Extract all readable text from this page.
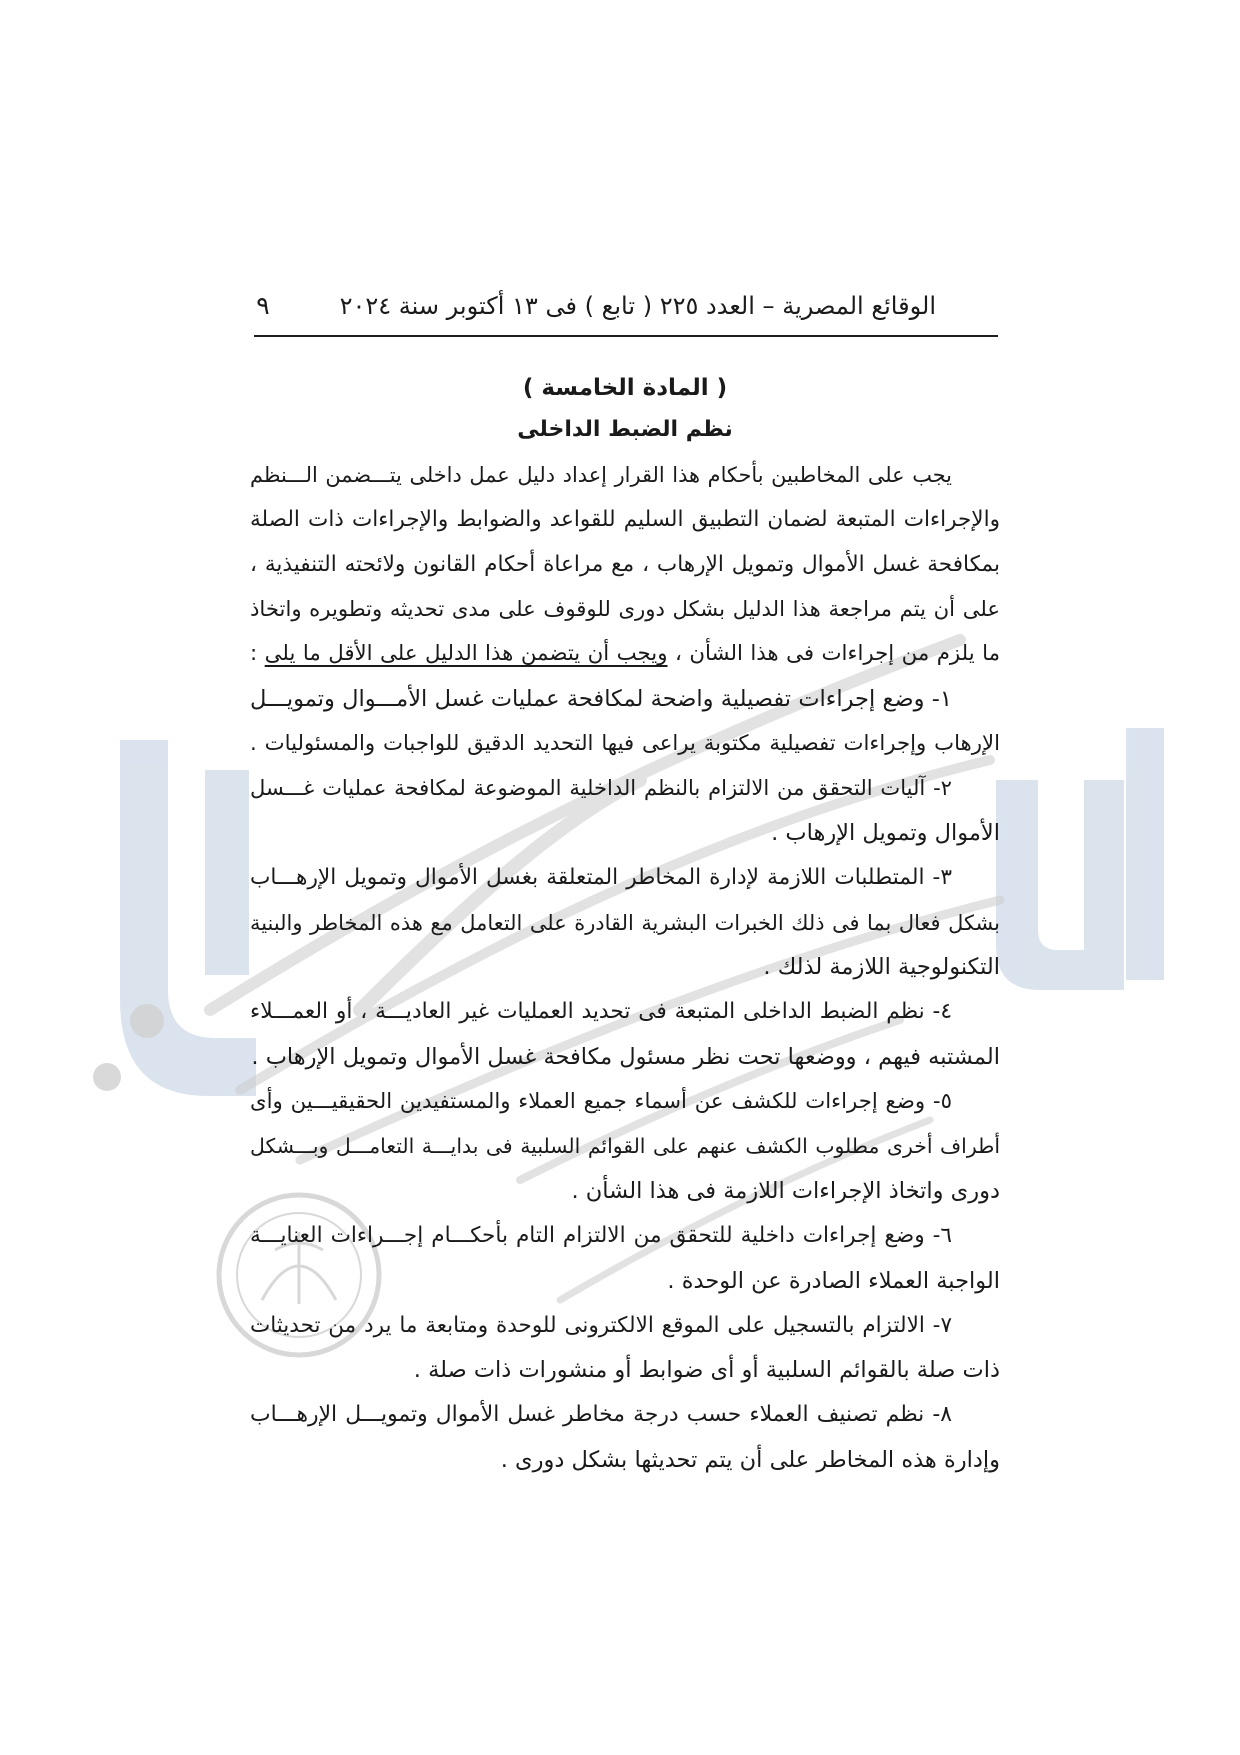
الوقائع المصرية – العدد ٢٢٥ ( تابع ) فى ١٣ أكتوبر سنة ٢٠٢٤
٩
( المادة الخامسة )
نظم الضبط الداخلى
يجب على المخاطبين بأحكام هذا القرار إعداد دليل عمل داخلى يتـــضمن الـــنظم
والإجراءات المتبعة لضمان التطبيق السليم للقواعد والضوابط والإجراءات ذات الصلة
بمكافحة غسل الأموال وتمويل الإرهاب ، مع مراعاة أحكام القانون ولائحته التنفيذية ،
على أن يتم مراجعة هذا الدليل بشكل دورى للوقوف على مدى تحديثه وتطويره واتخاذ
ما يلزم من إجراءات فى هذا الشأن ، ويجب أن يتضمن هذا الدليل على الأقل ما يلى :
١- وضع إجراءات تفصيلية واضحة لمكافحة عمليات غسل الأمـــوال وتمويـــل
الإرهاب وإجراءات تفصيلية مكتوبة يراعى فيها التحديد الدقيق للواجبات والمسئوليات .
٢- آليات التحقق من الالتزام بالنظم الداخلية الموضوعة لمكافحة عمليات غـــسل
الأموال وتمويل الإرهاب .
٣- المتطلبات اللازمة لإدارة المخاطر المتعلقة بغسل الأموال وتمويل الإرهـــاب
بشكل فعال بما فى ذلك الخبرات البشرية القادرة على التعامل مع هذه المخاطر والبنية
التكنولوجية اللازمة لذلك .
٤- نظم الضبط الداخلى المتبعة فى تحديد العمليات غير العاديـــة ، أو العمـــلاء
المشتبه فيهم ، ووضعها تحت نظر مسئول مكافحة غسل الأموال وتمويل الإرهاب .
٥- وضع إجراءات للكشف عن أسماء جميع العملاء والمستفيدين الحقيقيـــين وأى
أطراف أخرى مطلوب الكشف عنهم على القوائم السلبية فى بدايـــة التعامـــل وبـــشكل
دورى واتخاذ الإجراءات اللازمة فى هذا الشأن .
٦- وضع إجراءات داخلية للتحقق من الالتزام التام بأحكـــام إجـــراءات العنايـــة
الواجبة العملاء الصادرة عن الوحدة .
٧- الالتزام بالتسجيل على الموقع الالكترونى للوحدة ومتابعة ما يرد من تحديثات
ذات صلة بالقوائم السلبية أو أى ضوابط أو منشورات ذات صلة .
٨- نظم تصنيف العملاء حسب درجة مخاطر غسل الأموال وتمويـــل الإرهـــاب
وإدارة هذه المخاطر على أن يتم تحديثها بشكل دورى .
